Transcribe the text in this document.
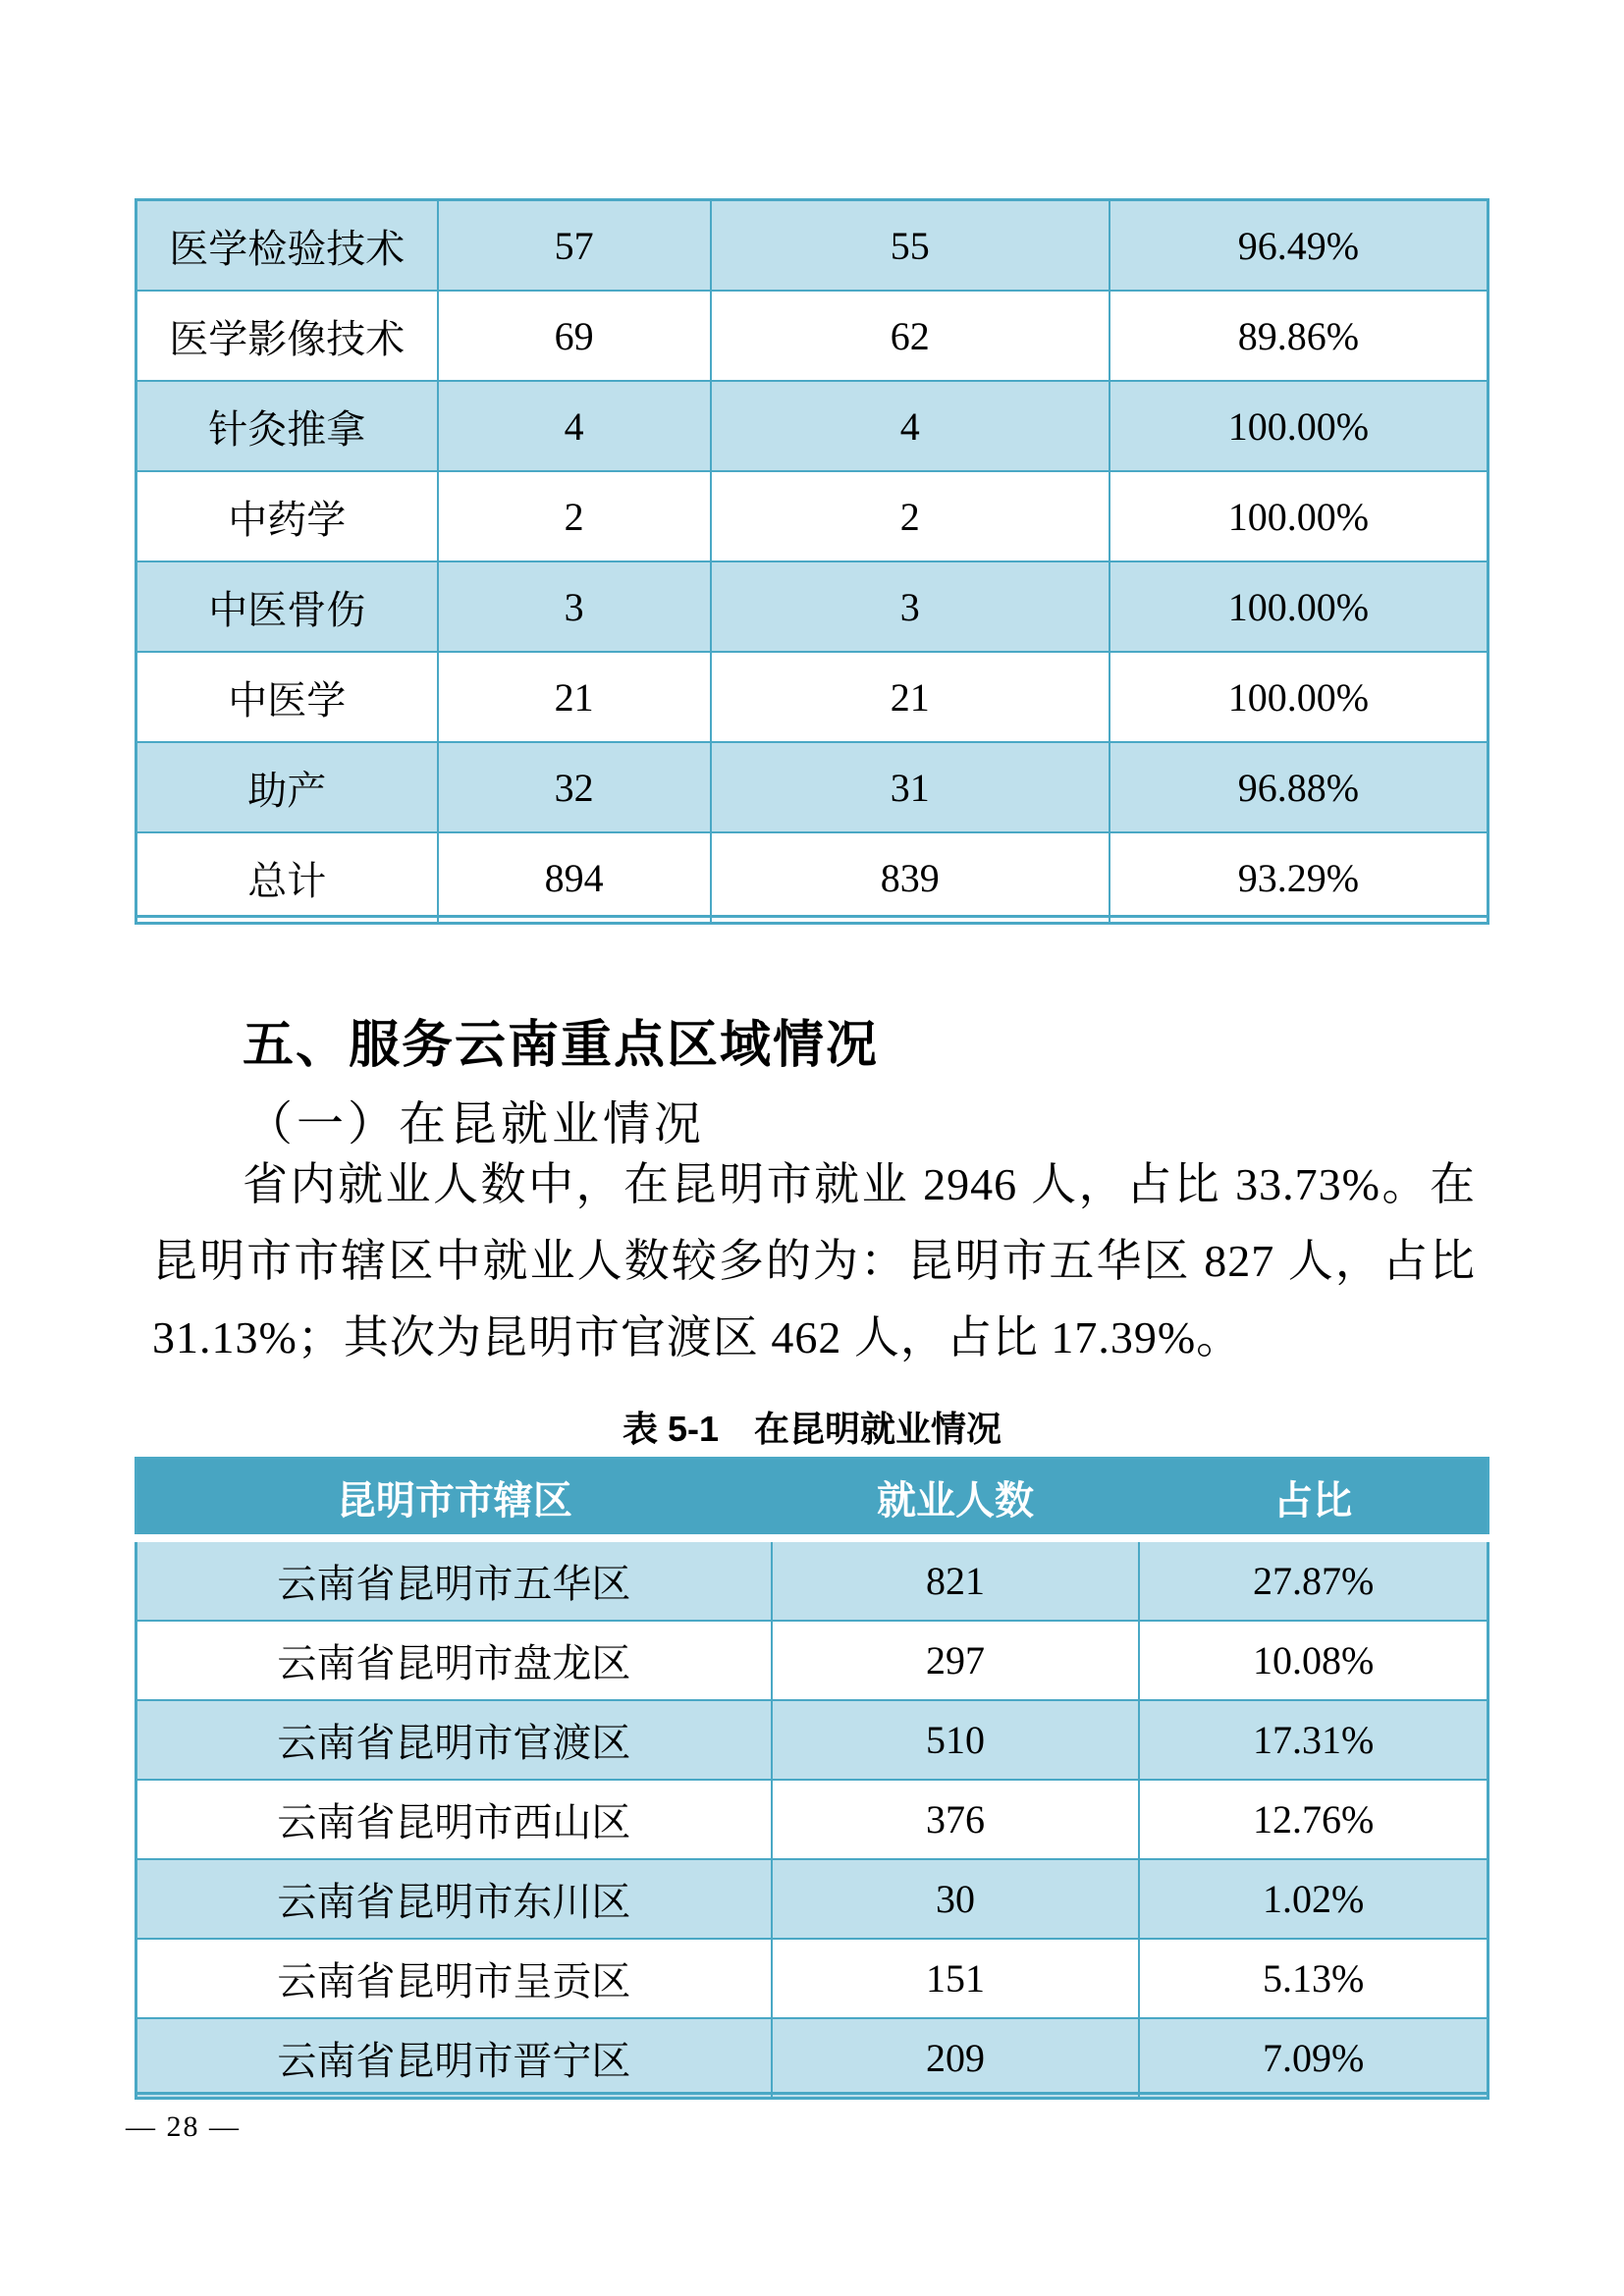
医学检验技术	57	55	96.49%
医学影像技术	69	62	89.86%
针灸推拿	4	4	100.00%
中药学	2	2	100.00%
中医骨伤	3	3	100.00%
中医学	21	21	100.00%
助产	32	31	96.88%
总计	894	839	93.29%
五、服务云南重点区域情况
（一）在昆就业情况
省内就业人数中，在昆明市就业 2946 人，占比 33.73%。在昆明市市辖区中就业人数较多的为：昆明市五华区 827 人，占比 31.13%；其次为昆明市官渡区 462 人，占比 17.39%。
表 5-1　在昆明就业情况
昆明市市辖区	就业人数	占比
云南省昆明市五华区	821	27.87%
云南省昆明市盘龙区	297	10.08%
云南省昆明市官渡区	510	17.31%
云南省昆明市西山区	376	12.76%
云南省昆明市东川区	30	1.02%
云南省昆明市呈贡区	151	5.13%
云南省昆明市晋宁区	209	7.09%
— 28 —
